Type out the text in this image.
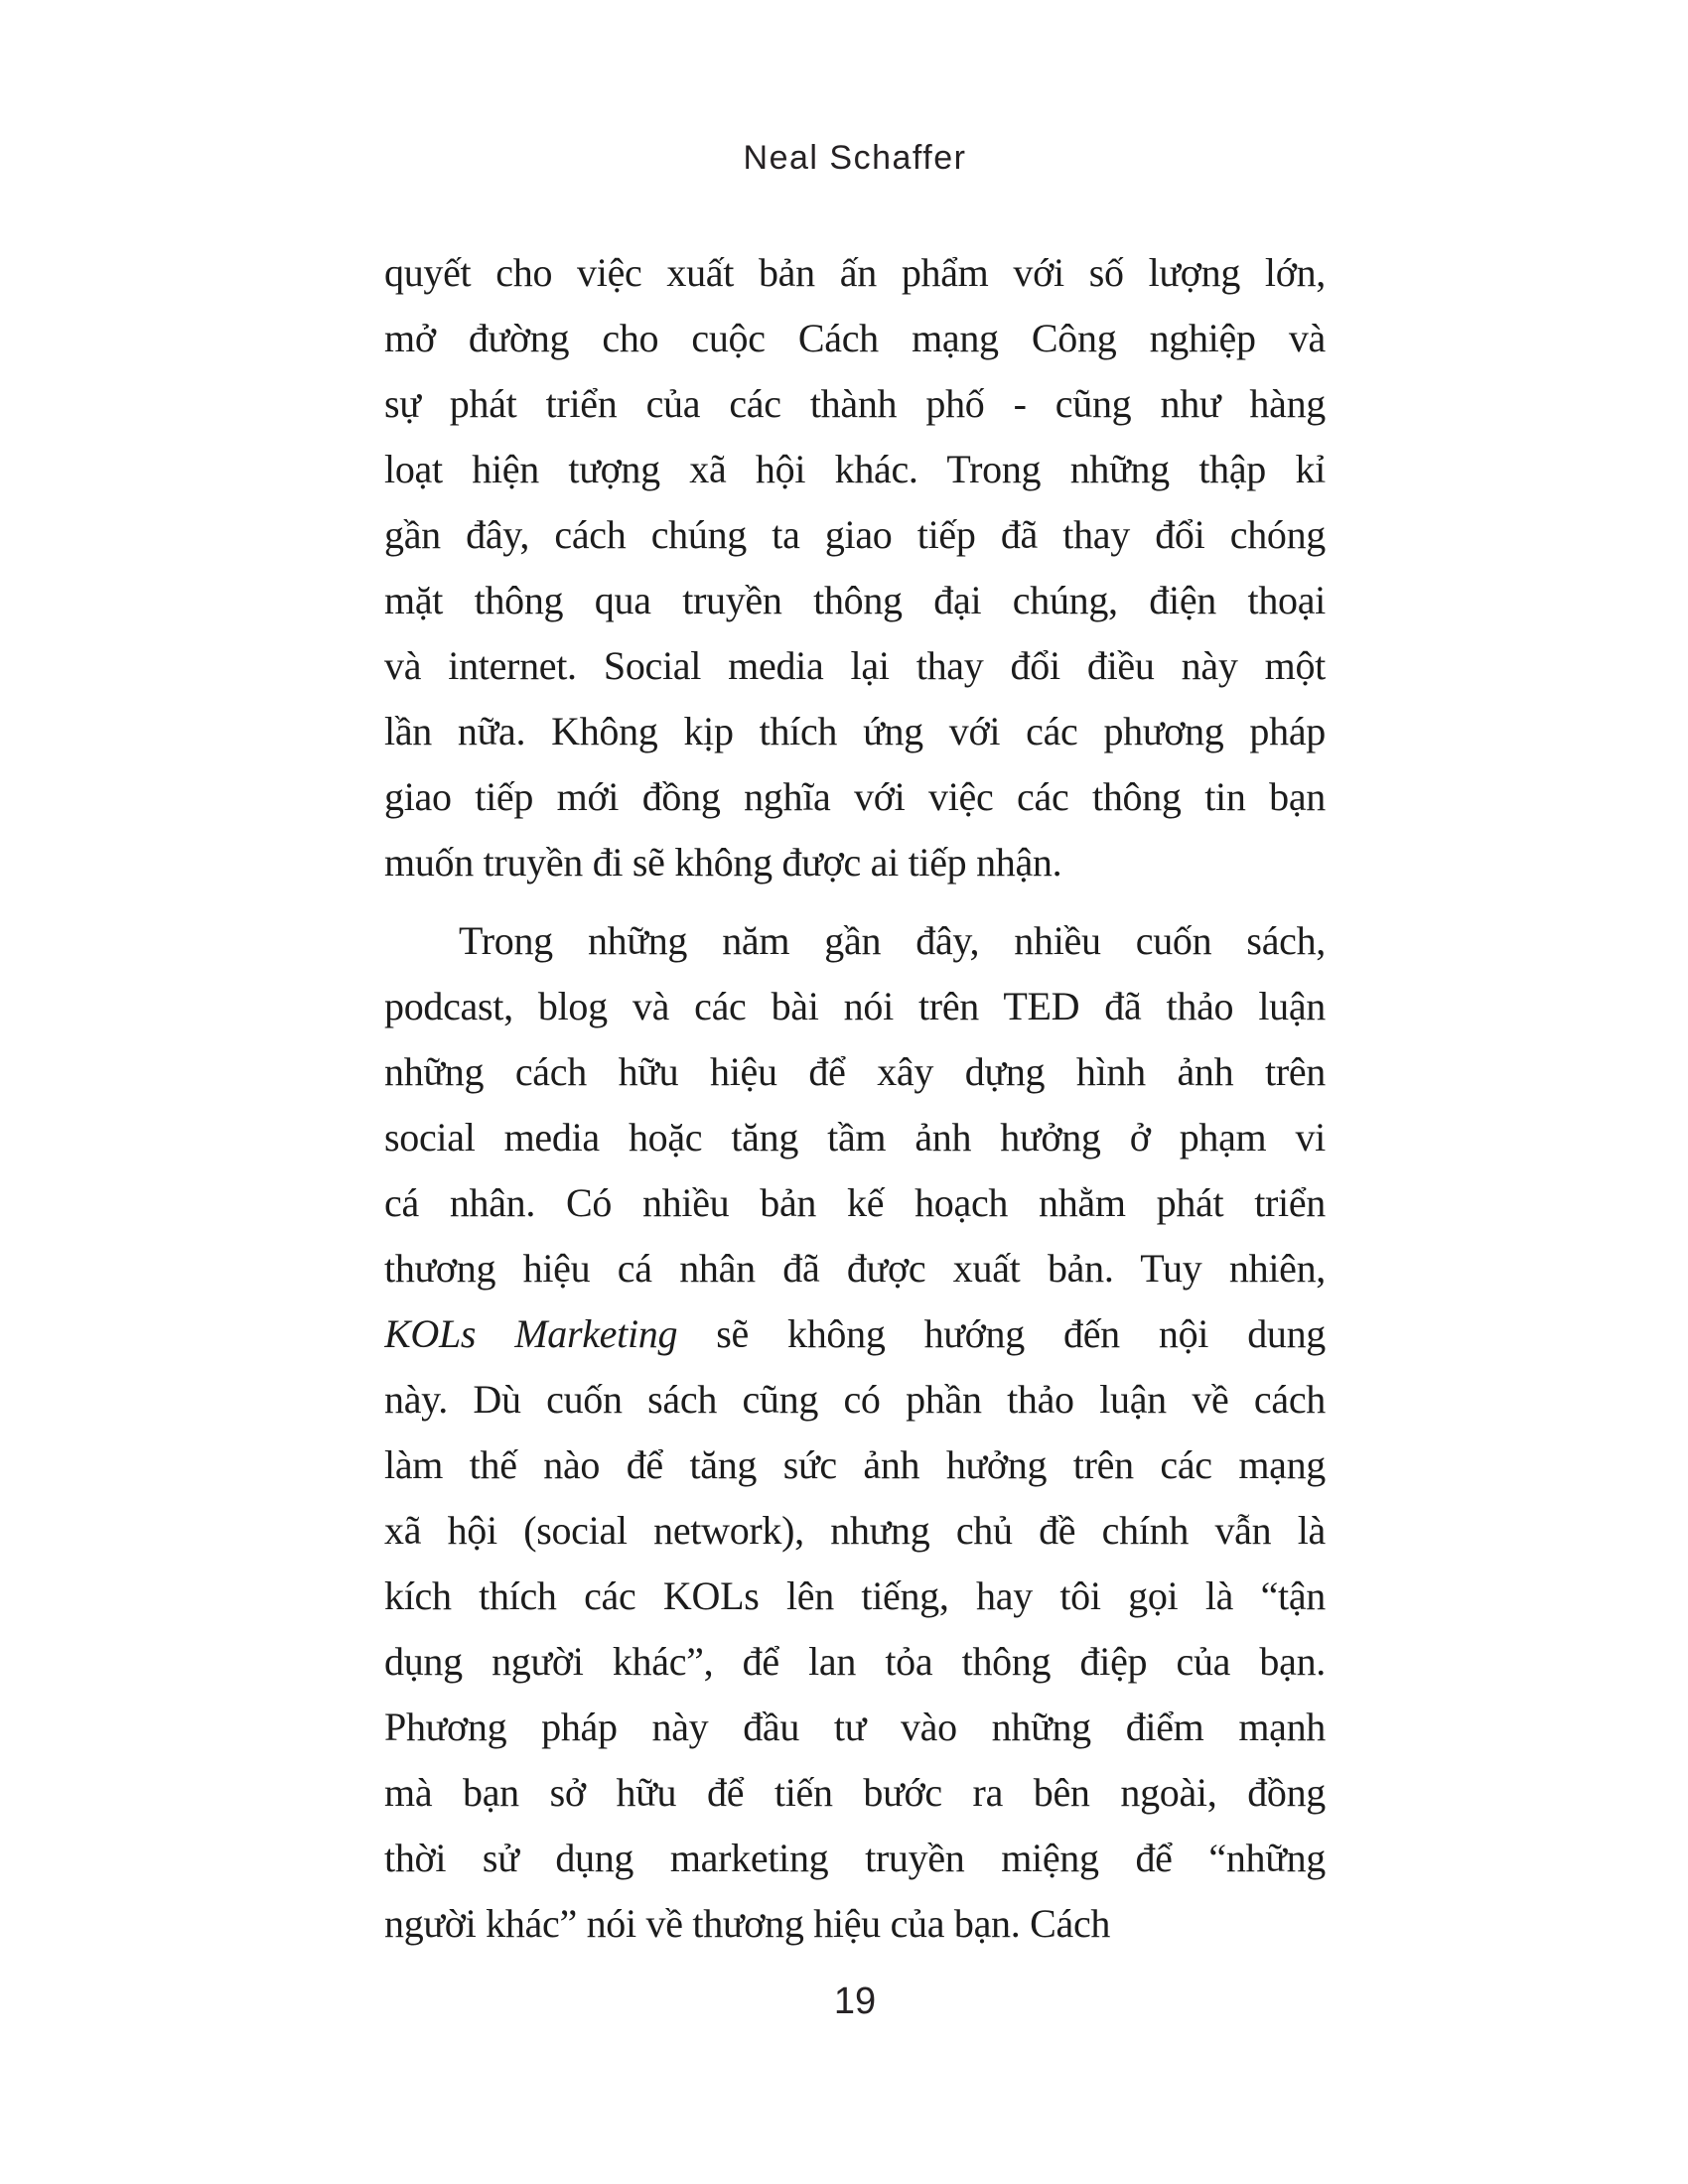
Neal Schaffer
quyết cho việc xuất bản ấn phẩm với số lượng lớn,
mở đường cho cuộc Cách mạng Công nghiệp và
sự phát triển của các thành phố - cũng như hàng
loạt hiện tượng xã hội khác. Trong những thập kỉ
gần đây, cách chúng ta giao tiếp đã thay đổi chóng
mặt thông qua truyền thông đại chúng, điện thoại
và internet. Social media lại thay đổi điều này một
lần nữa. Không kịp thích ứng với các phương pháp
giao tiếp mới đồng nghĩa với việc các thông tin bạn
muốn truyền đi sẽ không được ai tiếp nhận.
Trong những năm gần đây, nhiều cuốn sách,
podcast, blog và các bài nói trên TED đã thảo luận
những cách hữu hiệu để xây dựng hình ảnh trên
social media hoặc tăng tầm ảnh hưởng ở phạm vi
cá nhân. Có nhiều bản kế hoạch nhằm phát triển
thương hiệu cá nhân đã được xuất bản. Tuy nhiên,
KOLs Marketing sẽ không hướng đến nội dung
này. Dù cuốn sách cũng có phần thảo luận về cách
làm thế nào để tăng sức ảnh hưởng trên các mạng
xã hội (social network), nhưng chủ đề chính vẫn là
kích thích các KOLs lên tiếng, hay tôi gọi là “tận
dụng người khác”, để lan tỏa thông điệp của bạn.
Phương pháp này đầu tư vào những điểm mạnh
mà bạn sở hữu để tiến bước ra bên ngoài, đồng
thời sử dụng marketing truyền miệng để “những
người khác” nói về thương hiệu của bạn. Cách
19
